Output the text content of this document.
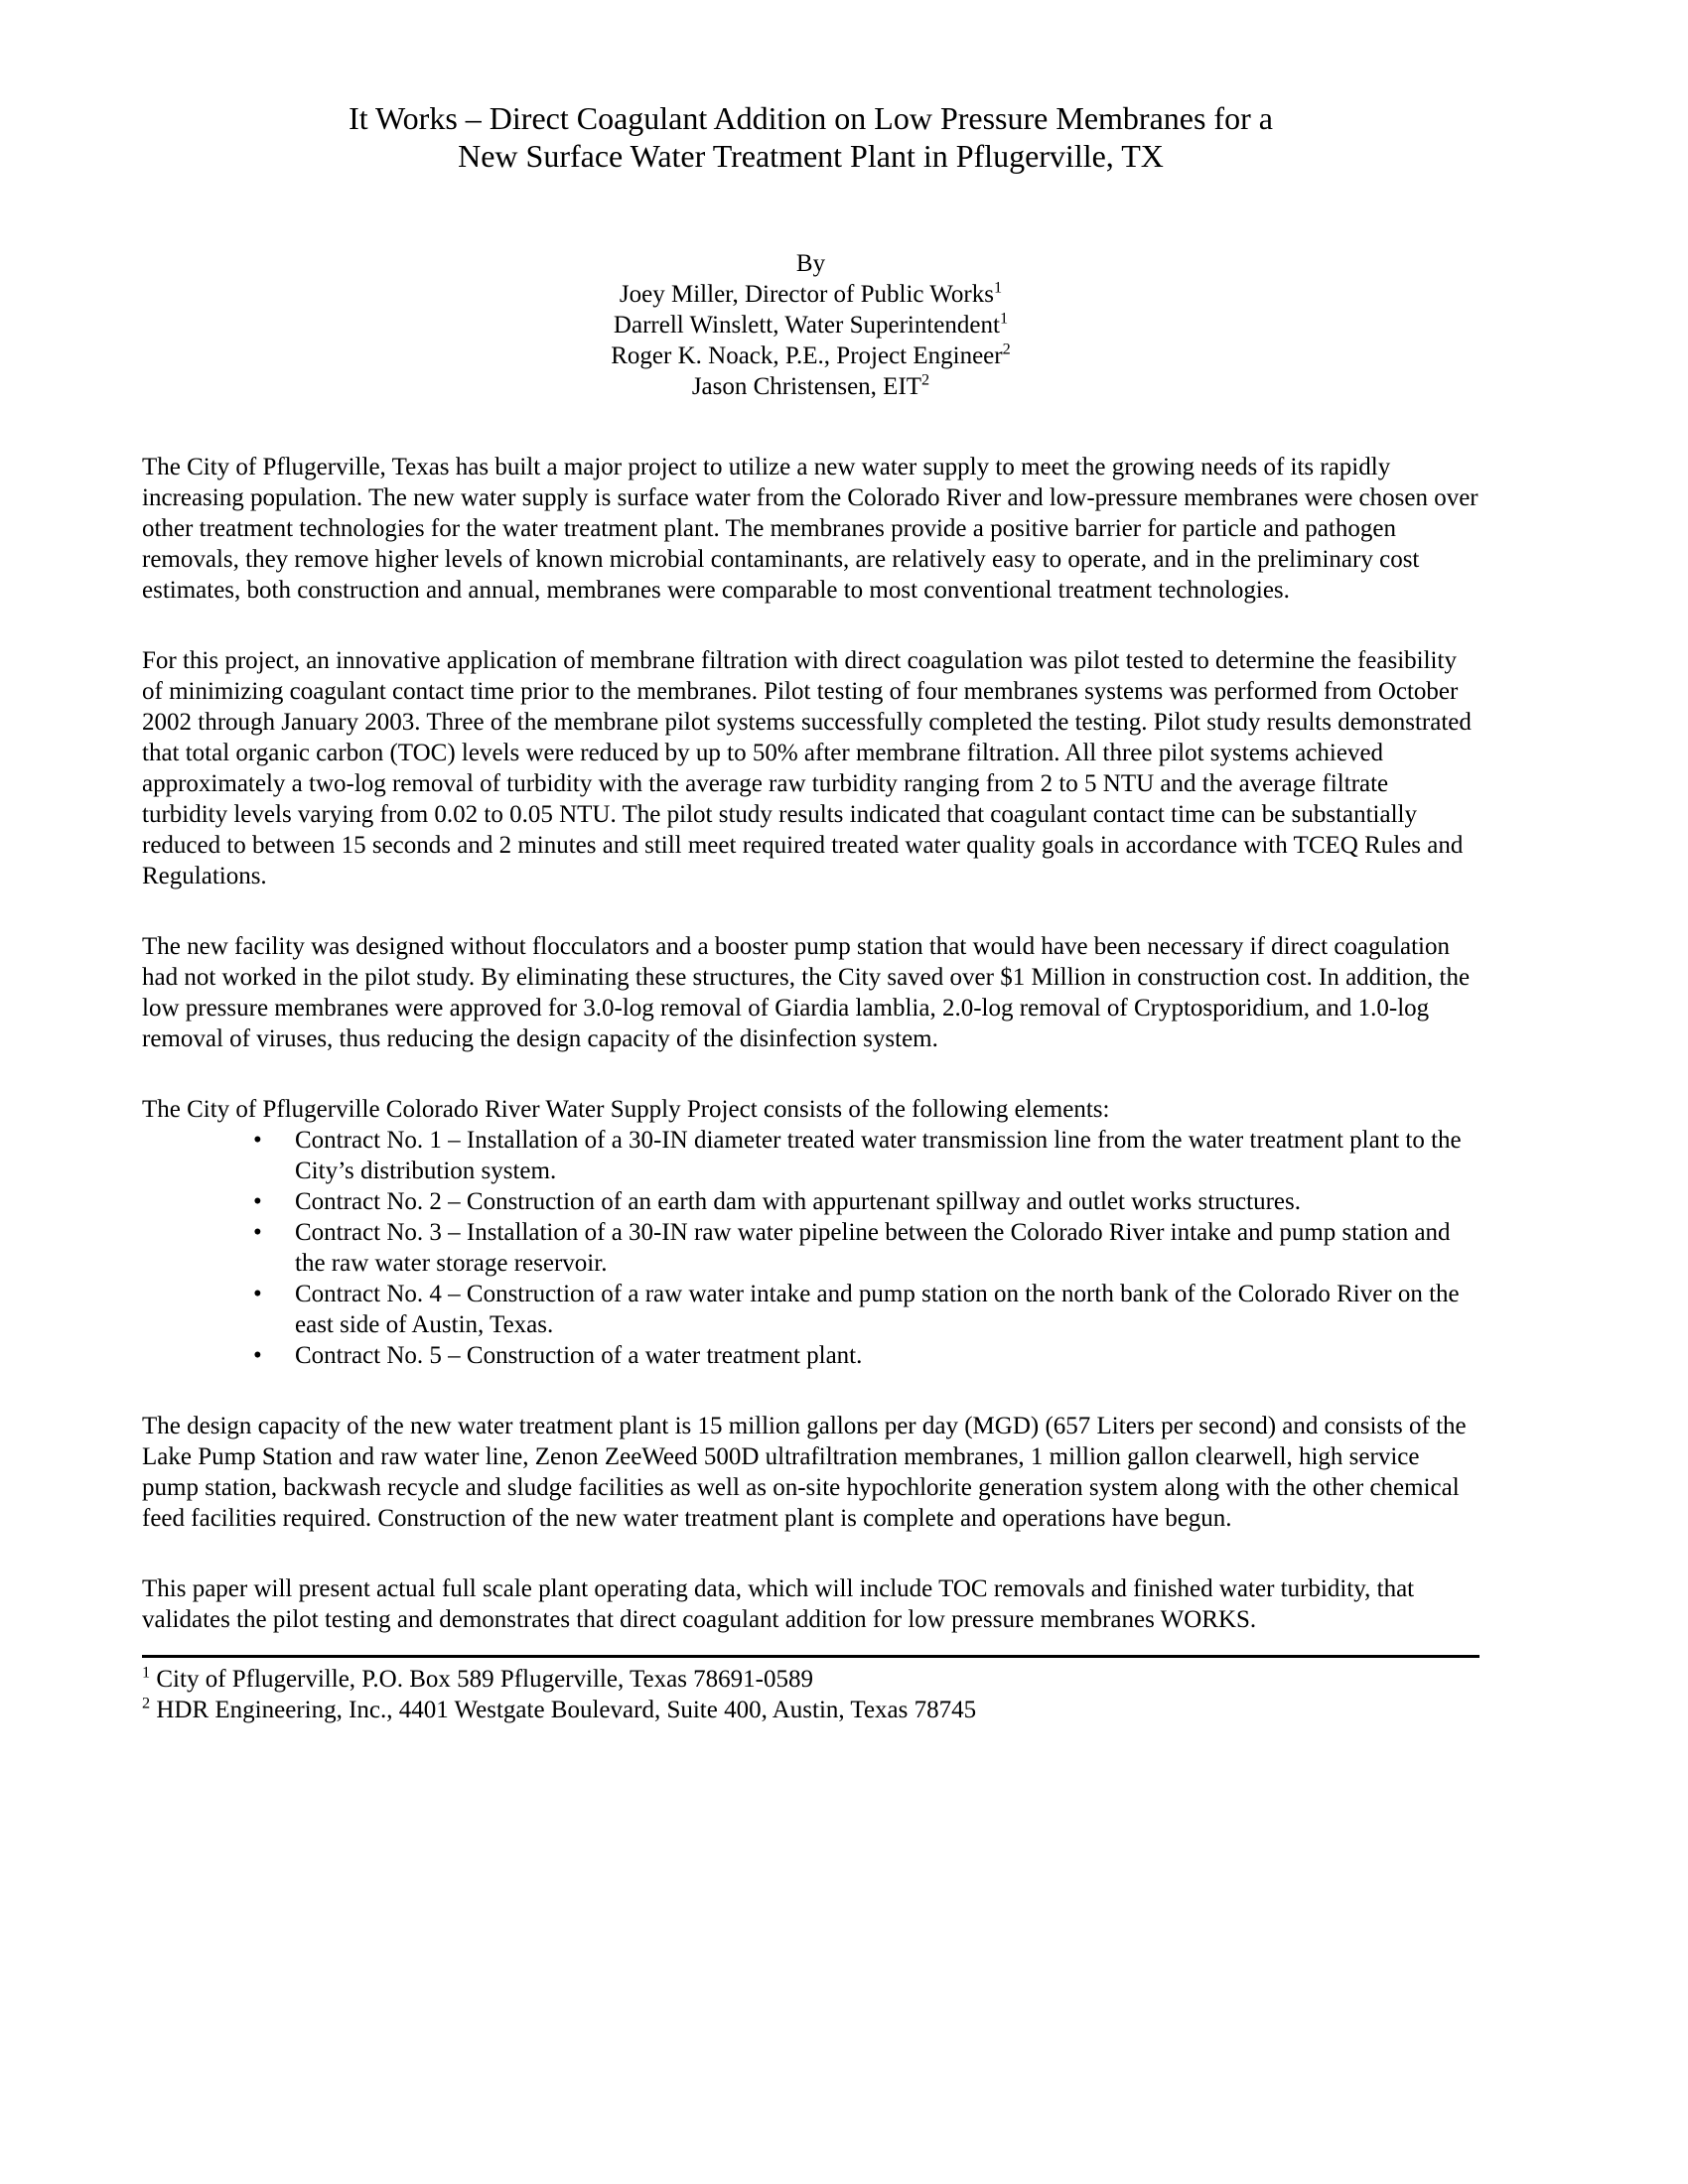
It Works – Direct Coagulant Addition on Low Pressure Membranes for a
New Surface Water Treatment Plant in Pflugerville, TX
By
Joey Miller, Director of Public Works$^1$
Darrell Winslett, Water Superintendent$^1$
Roger K. Noack, P.E., Project Engineer$^2$
Jason Christensen, EIT$^2$

The City of Pflugerville, Texas has built a major project to utilize a new water supply to meet the growing needs of its rapidly increasing population. The new water supply is surface water from the Colorado River and low-pressure membranes were chosen over other treatment technologies for the water treatment plant. The membranes provide a positive barrier for particle and pathogen removals, they remove higher levels of known microbial contaminants, are relatively easy to operate, and in the preliminary cost estimates, both construction and annual, membranes were comparable to most conventional treatment technologies.

For this project, an innovative application of membrane filtration with direct coagulation was pilot tested to determine the feasibility of minimizing coagulant contact time prior to the membranes. Pilot testing of four membranes systems was performed from October 2002 through January 2003. Three of the membrane pilot systems successfully completed the testing. Pilot study results demonstrated that total organic carbon (TOC) levels were reduced by up to 50% after membrane filtration. All three pilot systems achieved approximately a two-log removal of turbidity with the average raw turbidity ranging from 2 to 5 NTU and the average filtrate turbidity levels varying from 0.02 to 0.05 NTU. The pilot study results indicated that coagulant contact time can be substantially reduced to between 15 seconds and 2 minutes and still meet required treated water quality goals in accordance with TCEQ Rules and Regulations.

The new facility was designed without flocculators and a booster pump station that would have been necessary if direct coagulation had not worked in the pilot study. By eliminating these structures, the City saved over $1 Million in construction cost. In addition, the low pressure membranes were approved for 3.0-log removal of Giardia lamblia, 2.0-log removal of Cryptosporidium, and 1.0-log removal of viruses, thus reducing the design capacity of the disinfection system.

The City of Pflugerville Colorado River Water Supply Project consists of the following elements:

• Contract No. 1 – Installation of a 30-IN diameter treated water transmission line from the water treatment plant to the City’s distribution system.
• Contract No. 2 – Construction of an earth dam with appurtenant spillway and outlet works structures.
• Contract No. 3 – Installation of a 30-IN raw water pipeline between the Colorado River intake and pump station and the raw water storage reservoir.
• Contract No. 4 – Construction of a raw water intake and pump station on the north bank of the Colorado River on the east side of Austin, Texas.
• Contract No. 5 – Construction of a water treatment plant.

The design capacity of the new water treatment plant is 15 million gallons per day (MGD) (657 Liters per second) and consists of the Lake Pump Station and raw water line, Zenon ZeeWeed 500D ultrafiltration membranes, 1 million gallon clearwell, high service pump station, backwash recycle and sludge facilities as well as on-site hypochlorite generation system along with the other chemical feed facilities required. Construction of the new water treatment plant is complete and operations have begun.

This paper will present actual full scale plant operating data, which will include TOC removals and finished water turbidity, that validates the pilot testing and demonstrates that direct coagulant addition for low pressure membranes WORKS.

$^1$ City of Pflugerville, P.O. Box 589 Pflugerville, Texas 78691-0589
$^2$ HDR Engineering, Inc., 4401 Westgate Boulevard, Suite 400, Austin, Texas 78745
